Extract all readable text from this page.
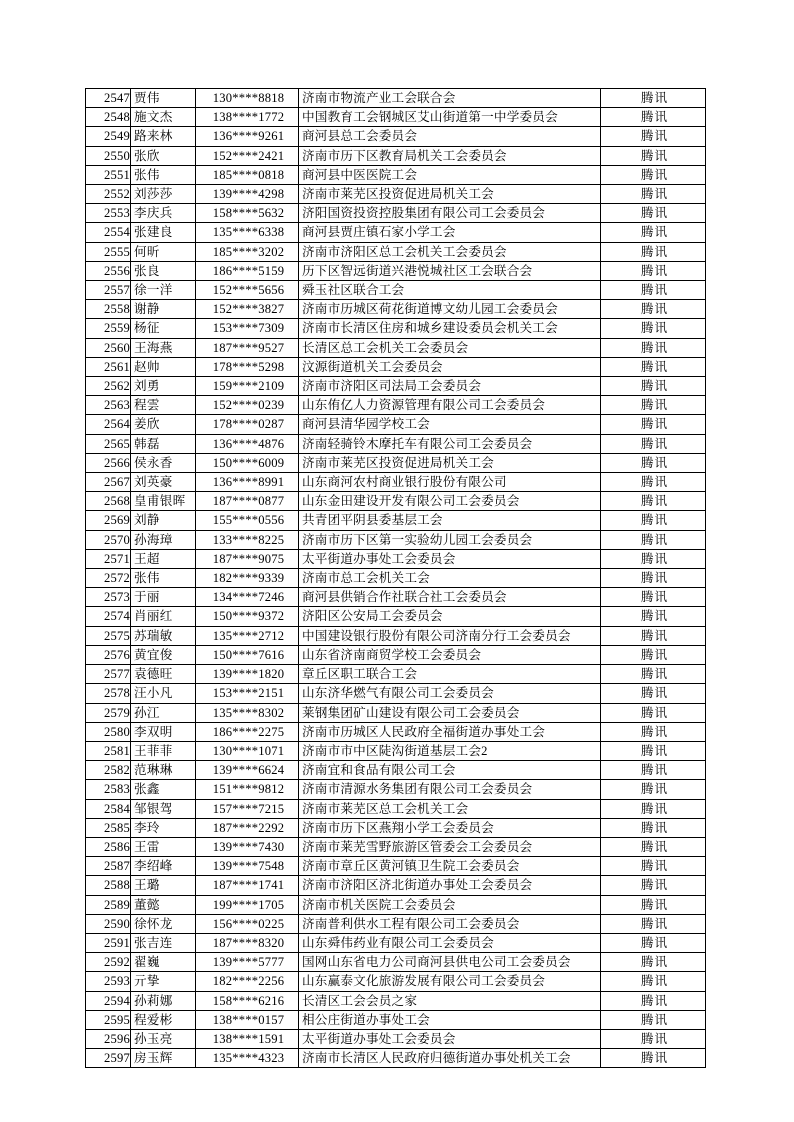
2547	贾伟	130****8818	济南市物流产业工会联合会	腾讯
2548	施文杰	138****1772	中国教育工会钢城区艾山街道第一中学委员会	腾讯
2549	路来林	136****9261	商河县总工会委员会	腾讯
2550	张欣	152****2421	济南市历下区教育局机关工会委员会	腾讯
2551	张伟	185****0818	商河县中医医院工会	腾讯
2552	刘莎莎	139****4298	济南市莱芜区投资促进局机关工会	腾讯
2553	李庆兵	158****5632	济阳国资投资控股集团有限公司工会委员会	腾讯
2554	张建良	135****6338	商河县贾庄镇石家小学工会	腾讯
2555	何昕	185****3202	济南市济阳区总工会机关工会委员会	腾讯
2556	张良	186****5159	历下区智远街道兴港悦城社区工会联合会	腾讯
2557	徐一洋	152****5656	舜玉社区联合工会	腾讯
2558	谢静	152****3827	济南市历城区荷花街道博文幼儿园工会委员会	腾讯
2559	杨征	153****7309	济南市长清区住房和城乡建设委员会机关工会	腾讯
2560	王海燕	187****9527	长清区总工会机关工会委员会	腾讯
2561	赵帅	178****5298	汶源街道机关工会委员会	腾讯
2562	刘勇	159****2109	济南市济阳区司法局工会委员会	腾讯
2563	程雲	152****0239	山东侑亿人力资源管理有限公司工会委员会	腾讯
2564	姜欣	178****0287	商河县清华园学校工会	腾讯
2565	韩磊	136****4876	济南轻骑铃木摩托车有限公司工会委员会	腾讯
2566	侯永香	150****6009	济南市莱芜区投资促进局机关工会	腾讯
2567	刘英豪	136****8991	山东商河农村商业银行股份有限公司	腾讯
2568	皇甫银晖	187****0877	山东金田建设开发有限公司工会委员会	腾讯
2569	刘静	155****0556	共青团平阴县委基层工会	腾讯
2570	孙海璋	133****8225	济南市历下区第一实验幼儿园工会委员会	腾讯
2571	王超	187****9075	太平街道办事处工会委员会	腾讯
2572	张伟	182****9339	济南市总工会机关工会	腾讯
2573	于丽	134****7246	商河县供销合作社联合社工会委员会	腾讯
2574	肖丽红	150****9372	济阳区公安局工会委员会	腾讯
2575	苏瑞敏	135****2712	中国建设银行股份有限公司济南分行工会委员会	腾讯
2576	黄宜俊	150****7616	山东省济南商贸学校工会委员会	腾讯
2577	袁德旺	139****1820	章丘区职工联合工会	腾讯
2578	汪小凡	153****2151	山东济华燃气有限公司工会委员会	腾讯
2579	孙江	135****8302	莱钢集团矿山建设有限公司工会委员会	腾讯
2580	李双明	186****2275	济南市历城区人民政府全福街道办事处工会	腾讯
2581	王菲菲	130****1071	济南市市中区陡沟街道基层工会2	腾讯
2582	范琳琳	139****6624	济南宜和食品有限公司工会	腾讯
2583	张鑫	151****9812	济南市清源水务集团有限公司工会委员会	腾讯
2584	邹银驾	157****7215	济南市莱芜区总工会机关工会	腾讯
2585	李玲	187****2292	济南市历下区燕翔小学工会委员会	腾讯
2586	王雷	139****7430	济南市莱芜雪野旅游区管委会工会委员会	腾讯
2587	李绍峰	139****7548	济南市章丘区黄河镇卫生院工会委员会	腾讯
2588	王璐	187****1741	济南市济阳区济北街道办事处工会委员会	腾讯
2589	董懿	199****1705	济南市机关医院工会委员会	腾讯
2590	徐怀龙	156****0225	济南普利供水工程有限公司工会委员会	腾讯
2591	张吉连	187****8320	山东舜伟药业有限公司工会委员会	腾讯
2592	翟巍	139****5777	国网山东省电力公司商河县供电公司工会委员会	腾讯
2593	亓挚	182****2256	山东赢泰文化旅游发展有限公司工会委员会	腾讯
2594	孙莉娜	158****6216	长清区工会会员之家	腾讯
2595	程爱彬	138****0157	相公庄街道办事处工会	腾讯
2596	孙玉亮	138****1591	太平街道办事处工会委员会	腾讯
2597	房玉辉	135****4323	济南市长清区人民政府归德街道办事处机关工会	腾讯
